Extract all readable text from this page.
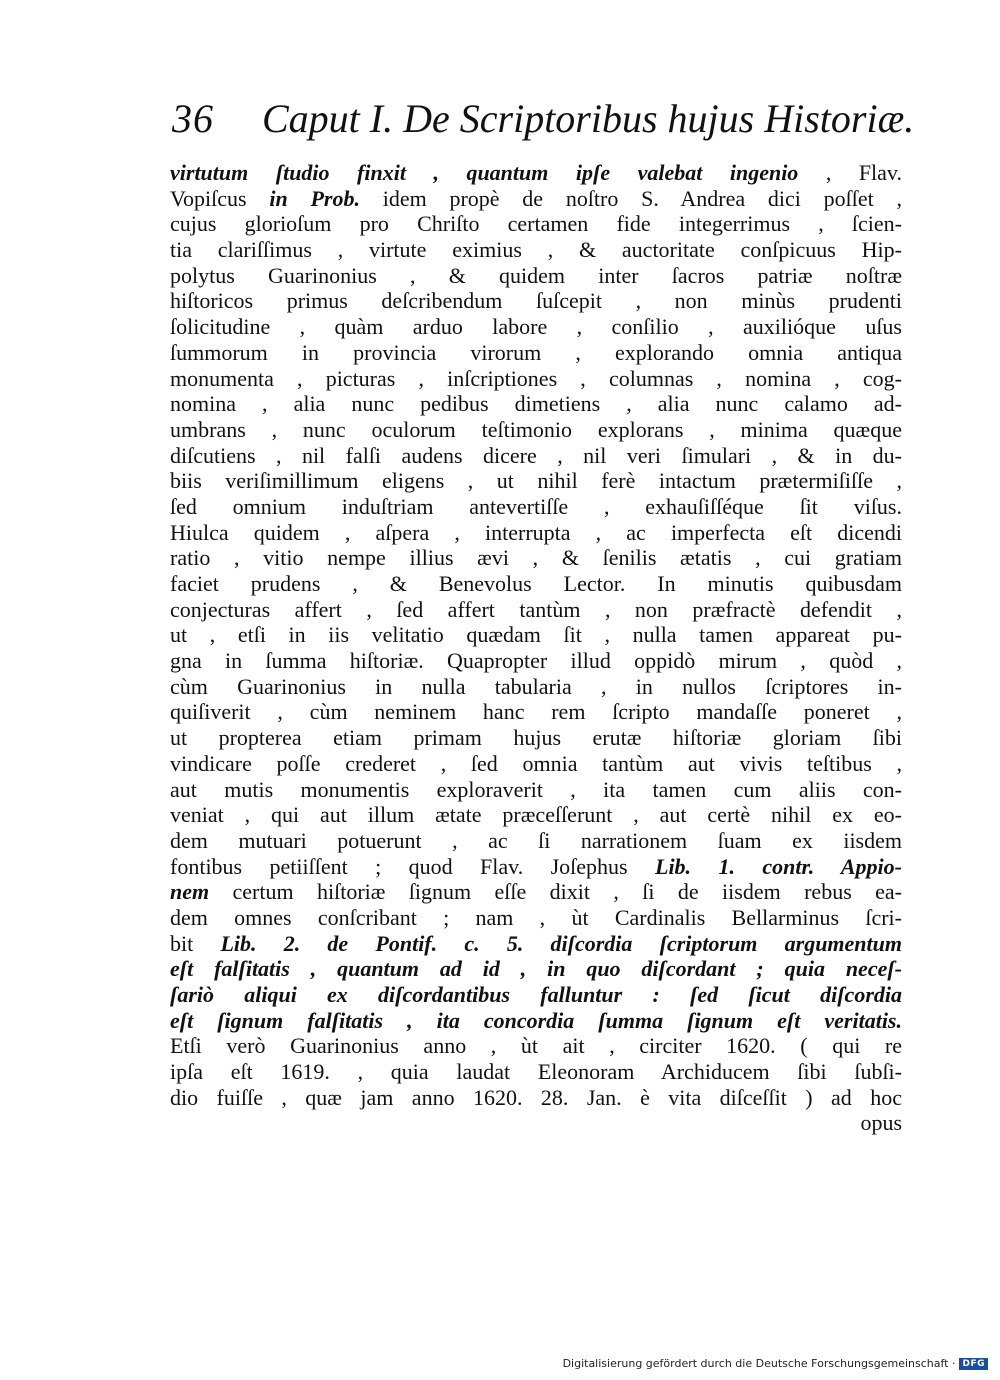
36 Caput I. De Scriptoribus hujus Historiæ.
virtutum ſtudio finxit , quantum ipſe valebat ingenio , Flav.
Vopiſcus in Prob. idem propè de noſtro S. Andrea dici poſſet ,
cujus glorioſum pro Chriſto certamen fide integerrimus , ſcien-
tia clariſſimus , virtute eximius , & auctoritate conſpicuus Hip-
polytus Guarinonius , & quidem inter ſacros patriæ noſtræ
hiſtoricos primus deſcribendum ſuſcepit , non minùs prudenti
ſolicitudine , quàm arduo labore , conſilio , auxilióque uſus
ſummorum in provincia virorum , explorando omnia antiqua
monumenta , picturas , inſcriptiones , columnas , nomina , cog-
nomina , alia nunc pedibus dimetiens , alia nunc calamo ad-
umbrans , nunc oculorum teſtimonio explorans , minima quæque
diſcutiens , nil falſi audens dicere , nil veri ſimulari , & in du-
biis veriſimillimum eligens , ut nihil ferè intactum prætermiſiſſe ,
ſed omnium induſtriam antevertiſſe , exhauſiſſéque ſit viſus.
Hiulca quidem , aſpera , interrupta , ac imperfecta eſt dicendi
ratio , vitio nempe illius ævi , & ſenilis ætatis , cui gratiam
faciet prudens , & Benevolus Lector. In minutis quibusdam
conjecturas affert , ſed affert tantùm , non præfractè defendit ,
ut , etſi in iis velitatio quædam ſit , nulla tamen appareat pu-
gna in ſumma hiſtoriæ. Quapropter illud oppidò mirum , quòd ,
cùm Guarinonius in nulla tabularia , in nullos ſcriptores in-
quiſiverit , cùm neminem hanc rem ſcripto mandaſſe poneret ,
ut propterea etiam primam hujus erutæ hiſtoriæ gloriam ſibi
vindicare poſſe crederet , ſed omnia tantùm aut vivis teſtibus ,
aut mutis monumentis exploraverit , ita tamen cum aliis con-
veniat , qui aut illum ætate præceſſerunt , aut certè nihil ex eo-
dem mutuari potuerunt , ac ſi narrationem ſuam ex iisdem
fontibus petiiſſent ; quod Flav. Joſephus Lib. 1. contr. Appio-
nem certum hiſtoriæ ſignum eſſe dixit , ſi de iisdem rebus ea-
dem omnes conſcribant ; nam , ùt Cardinalis Bellarminus ſcri-
bit Lib. 2. de Pontif. c. 5. diſcordia ſcriptorum argumentum
eſt falſitatis , quantum ad id , in quo diſcordant ; quia neceſ-
ſariò aliqui ex diſcordantibus falluntur : ſed ſicut diſcordia
eſt ſignum falſitatis , ita concordia ſumma ſignum eſt veritatis.
Etſi verò Guarinonius anno , ùt ait , circiter 1620. ( qui re
ipſa eſt 1619. , quia laudat Eleonoram Archiducem ſibi ſubſi-
dio fuiſſe , quæ jam anno 1620. 28. Jan. è vita diſceſſit ) ad hoc
opus
Digitalisierung gefördert durch die Deutsche Forschungsgemeinschaft · DFG
